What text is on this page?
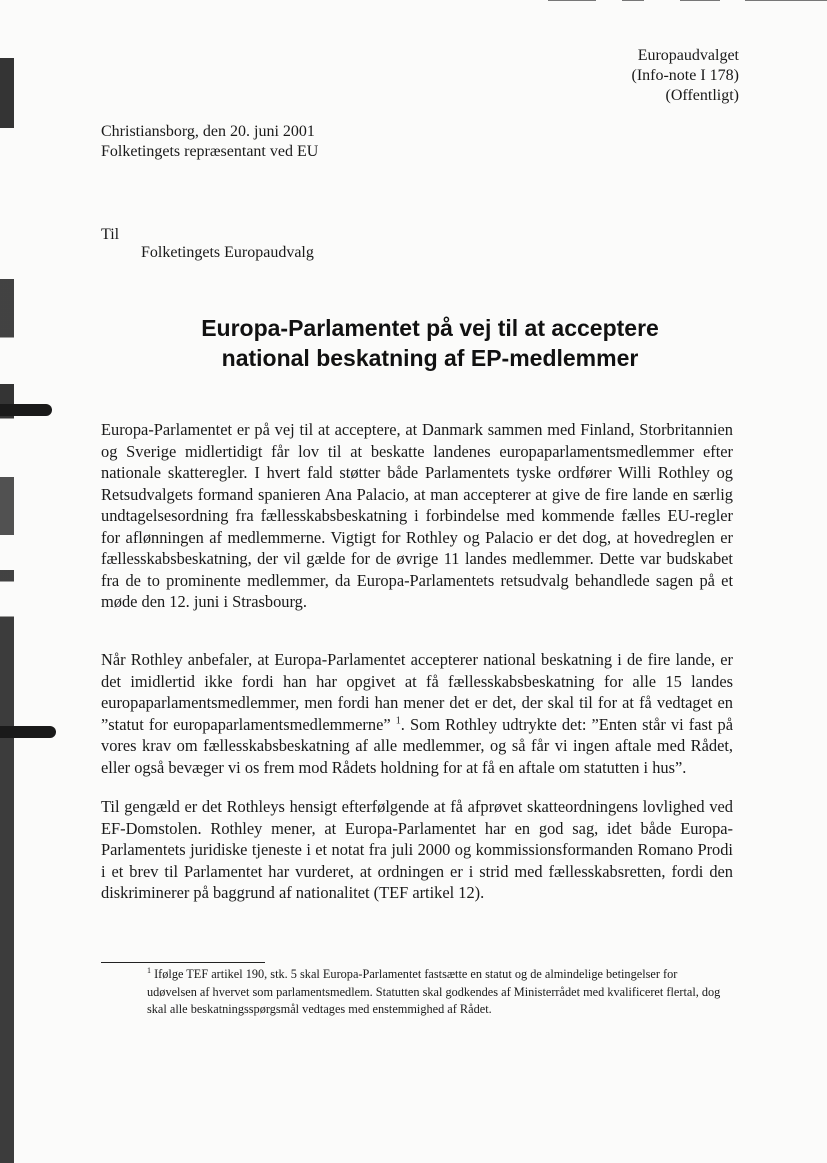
Europaudvalget
(Info-note I 178)
(Offentligt)
Christiansborg, den 20. juni 2001
Folketingets repræsentant ved EU
Til
Folketingets Europaudvalg
Europa-Parlamentet på vej til at acceptere
national beskatning af EP-medlemmer
Europa-Parlamentet er på vej til at acceptere, at Danmark sammen med Finland, Storbritannien og Sverige midlertidigt får lov til at beskatte landenes europaparlamentsmedlemmer efter nationale skatteregler. I hvert fald støtter både Parlamentets tyske ordfører Willi Rothley og Retsudvalgets formand spanieren Ana Palacio, at man accepterer at give de fire lande en særlig undtagelsesordning fra fællesskabsbeskatning i forbindelse med kommende fælles EU-regler for aflønningen af medlemmerne. Vigtigt for Rothley og Palacio er det dog, at hovedreglen er fællesskabsbeskatning, der vil gælde for de øvrige 11 landes medlemmer. Dette var budskabet fra de to prominente medlemmer, da Europa-Parlamentets retsudvalg behandlede sagen på et møde den 12. juni i Strasbourg.
Når Rothley anbefaler, at Europa-Parlamentet accepterer national beskatning i de fire lande, er det imidlertid ikke fordi han har opgivet at få fællesskabsbeskatning for alle 15 landes europaparlamentsmedlemmer, men fordi han mener det er det, der skal til for at få vedtaget en ”statut for europaparlamentsmedlemmerne” $^1$. Som Rothley udtrykte det: ”Enten står vi fast på vores krav om fællesskabsbeskatning af alle medlemmer, og så får vi ingen aftale med Rådet, eller også bevæger vi os frem mod Rådets holdning for at få en aftale om statutten i hus”.
Til gengæld er det Rothleys hensigt efterfølgende at få afprøvet skatteordningens lovlighed ved EF-Domstolen. Rothley mener, at Europa-Parlamentet har en god sag, idet både Europa-Parlamentets juridiske tjeneste i et notat fra juli 2000 og kommissionsformanden Romano Prodi i et brev til Parlamentet har vurderet, at ordningen er i strid med fællesskabsretten, fordi den diskriminerer på baggrund af nationalitet (TEF artikel 12).
$^1$ Ifølge TEF artikel 190, stk. 5 skal Europa-Parlamentet fastsætte en statut og de almindelige betingelser for udøvelsen af hvervet som parlamentsmedlem. Statutten skal godkendes af Ministerrådet med kvalificeret flertal, dog skal alle beskatningsspørgsmål vedtages med enstemmighed af Rådet.
